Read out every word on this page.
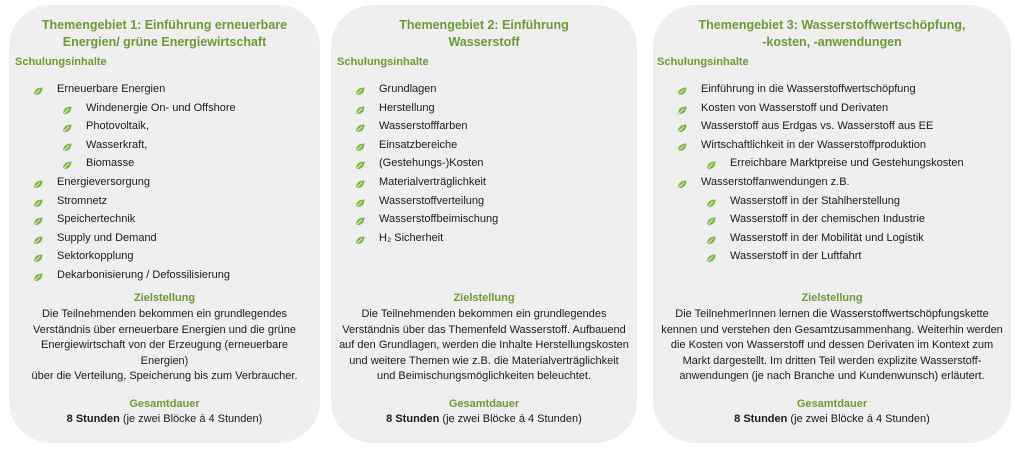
Themengebiet 1: Einführung erneuerbare
Energien/ grüne Energiewirtschaft
Schulungsinhalte
Erneuerbare Energien
Windenergie On- und Offshore
Photovoltaik,
Wasserkraft,
Biomasse
Energieversorgung
Stromnetz
Speichertechnik
Supply und Demand
Sektorkopplung
Dekarbonisierung / Defossilisierung
Zielstellung
Die Teilnehmenden bekommen ein grundlegendes
Verständnis über erneuerbare Energien und die grüne
Energiewirtschaft von der Erzeugung (erneuerbare Energien)
über die Verteilung, Speicherung bis zum Verbraucher.
Gesamtdauer
8 Stunden (je zwei Blöcke á 4 Stunden)
Themengebiet 2: Einführung
Wasserstoff
Schulungsinhalte
Grundlagen
Herstellung
Wasserstofffarben
Einsatzbereiche
(Gestehungs-)Kosten
Materialverträglichkeit
Wasserstoffverteilung
Wasserstoffbeimischung
H₂ Sicherheit
Zielstellung
Die Teilnehmenden bekommen ein grundlegendes
Verständnis über das Themenfeld Wasserstoff. Aufbauend
auf den Grundlagen, werden die Inhalte Herstellungskosten
und weitere Themen wie z.B. die Materialverträglichkeit
und Beimischungsmöglichkeiten beleuchtet.
Gesamtdauer
8 Stunden (je zwei Blöcke á 4 Stunden)
Themengebiet 3: Wasserstoffwertschöpfung,
-kosten, -anwendungen
Schulungsinhalte
Einführung in die Wasserstoffwertschöpfung
Kosten von Wasserstoff und Derivaten
Wasserstoff aus Erdgas vs. Wasserstoff aus EE
Wirtschaftlichkeit in der Wasserstoffproduktion
Erreichbare Marktpreise und Gestehungskosten
Wasserstoffanwendungen z.B.
Wasserstoff in der Stahlherstellung
Wasserstoff in der chemischen Industrie
Wasserstoff in der Mobilität und Logistik
Wasserstoff in der Luftfahrt
Zielstellung
Die TeilnehmerInnen lernen die Wasserstoffwertschöpfungskette
kennen und verstehen den Gesamtzusammenhang. Weiterhin werden
die Kosten von Wasserstoff und dessen Derivaten im Kontext zum
Markt dargestellt. Im dritten Teil werden explizite Wasserstoff-
anwendungen (je nach Branche und Kundenwunsch) erläutert.
Gesamtdauer
8 Stunden (je zwei Blöcke á 4 Stunden)
